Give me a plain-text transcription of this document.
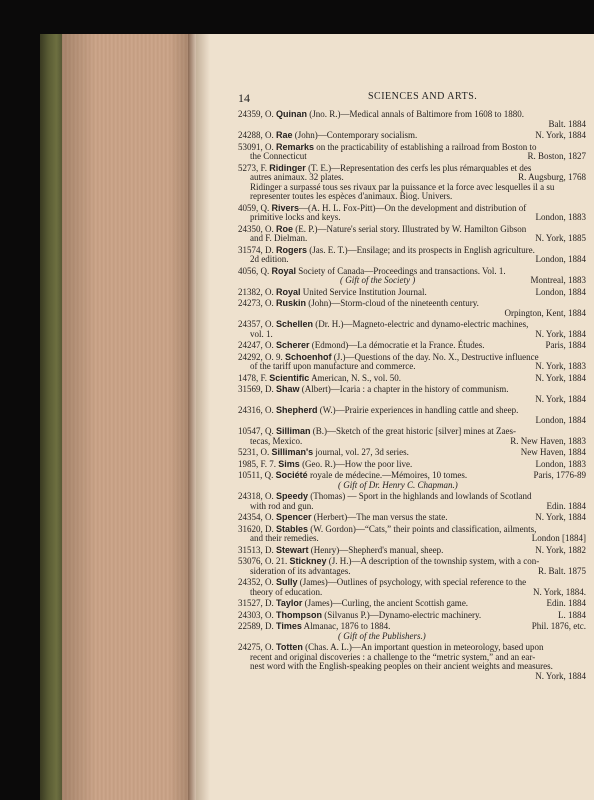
14	SCIENCES AND ARTS.
24359, O. Quinan (Jno. R.)—Medical annals of Baltimore from 1608 to 1880.
Balt. 1884
24288, O. Rae (John)—Contemporary socialism.	N. York, 1884
53091, O. Remarks on the practicability of establishing a railroad from Boston to
the Connecticut	R. Boston, 1827
5273, F. Ridinger (T. E.)—Representation des cerfs les plus rémarquables et des
autres animaux. 32 plates.	R. Augsburg, 1768
Ridinger a surpassé tous ses rivaux par la puissance et la force avec lesquelles il a su
representer toutes les espèces d'animaux. Biog. Univers.
4059, Q. Rivers—(A. H. L. Fox-Pitt)—On the development and distribution of
primitive locks and keys.	London, 1883
24350, O. Roe (E. P.)—Nature's serial story. Illustrated by W. Hamilton Gibson
and F. Dielman.	N. York, 1885
31574, D. Rogers (Jas. E. T.)—Ensilage; and its prospects in English agriculture.
2d edition.	London, 1884
4056, Q. Royal Society of Canada—Proceedings and transactions. Vol. 1.
( Gift of the Society )	Montreal, 1883
21382, O. Royal United Service Institution Journal.	London, 1884
24273, O. Ruskin (John)—Storm-cloud of the nineteenth century.
Orpington, Kent, 1884
24357, O. Schellen (Dr. H.)—Magneto-electric and dynamo-electric machines,
vol. 1.	N. York, 1884
24247, O. Scherer (Edmond)—La démocratie et la France. Études.	Paris, 1884
24292, O. 9. Schoenhof (J.)—Questions of the day. No. X., Destructive influence
of the tariff upon manufacture and commerce.	N. York, 1883
1478, F. Scientific American, N. S., vol. 50.	N. York, 1884
31569, D. Shaw (Albert)—Icaria : a chapter in the history of communism.
N. York, 1884
24316, O. Shepherd (W.)—Prairie experiences in handling cattle and sheep.
London, 1884
10547, Q. Silliman (B.)—Sketch of the great historic [silver] mines at Zaes-
tecas, Mexico.	R. New Haven, 1883
5231, O. Silliman's journal, vol. 27, 3d series.	New Haven, 1884
1985, F. 7. Sims (Geo. R.)—How the poor live.	London, 1883
10511, Q. Société royale de médecine.—Mémoires, 10 tomes.	Paris, 1776-89
( Gift of Dr. Henry C. Chapman.)
24318, O. Speedy (Thomas) — Sport in the highlands and lowlands of Scotland
with rod and gun.	Edin. 1884
24354, O. Spencer (Herbert)—The man versus the state.	N. York, 1884
31620, D. Stables (W. Gordon)—“Cats,” their points and classification, ailments,
and their remedies.	London [1884]
31513, D. Stewart (Henry)—Shepherd's manual, sheep.	N. York, 1882
53076, O. 21. Stickney (J. H.)—A description of the township system, with a con-
sideration of its advantages.	R. Balt. 1875
24352, O. Sully (James)—Outlines of psychology, with special reference to the
theory of education.	N. York, 1884.
31527, D. Taylor (James)—Curling, the ancient Scottish game.	Edin. 1884
24303, O. Thompson (Silvanus P.)—Dynamo-electric machinery.	L. 1884
22589, D. Times Almanac, 1876 to 1884.	Phil. 1876, etc.
( Gift of the Publishers.)
24275, O. Totten (Chas. A. L.)—An important question in meteorology, based upon
recent and original discoveries : a challenge to the “metric system,” and an ear-
nest word with the English-speaking peoples on their ancient weights and measures.
N. York, 1884
